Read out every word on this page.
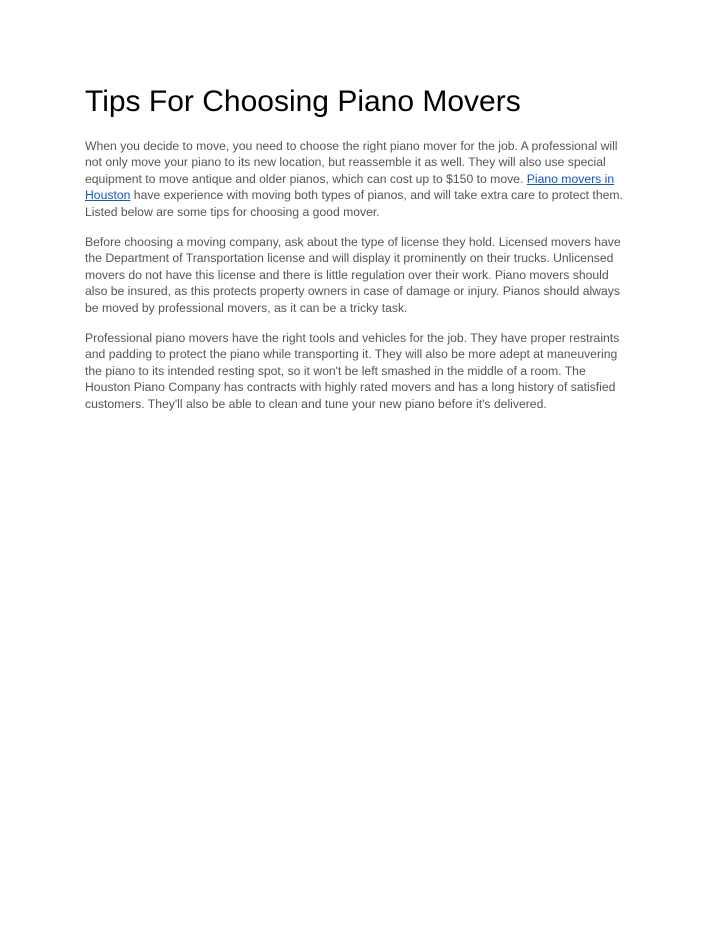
Tips For Choosing Piano Movers

When you decide to move, you need to choose the right piano mover for the job. A professional will not only move your piano to its new location, but reassemble it as well. They will also use special equipment to move antique and older pianos, which can cost up to $150 to move. Piano movers in Houston have experience with moving both types of pianos, and will take extra care to protect them. Listed below are some tips for choosing a good mover.

Before choosing a moving company, ask about the type of license they hold. Licensed movers have the Department of Transportation license and will display it prominently on their trucks. Unlicensed movers do not have this license and there is little regulation over their work. Piano movers should also be insured, as this protects property owners in case of damage or injury. Pianos should always be moved by professional movers, as it can be a tricky task.

Professional piano movers have the right tools and vehicles for the job. They have proper restraints and padding to protect the piano while transporting it. They will also be more adept at maneuvering the piano to its intended resting spot, so it won't be left smashed in the middle of a room. The Houston Piano Company has contracts with highly rated movers and has a long history of satisfied customers. They'll also be able to clean and tune your new piano before it's delivered.
